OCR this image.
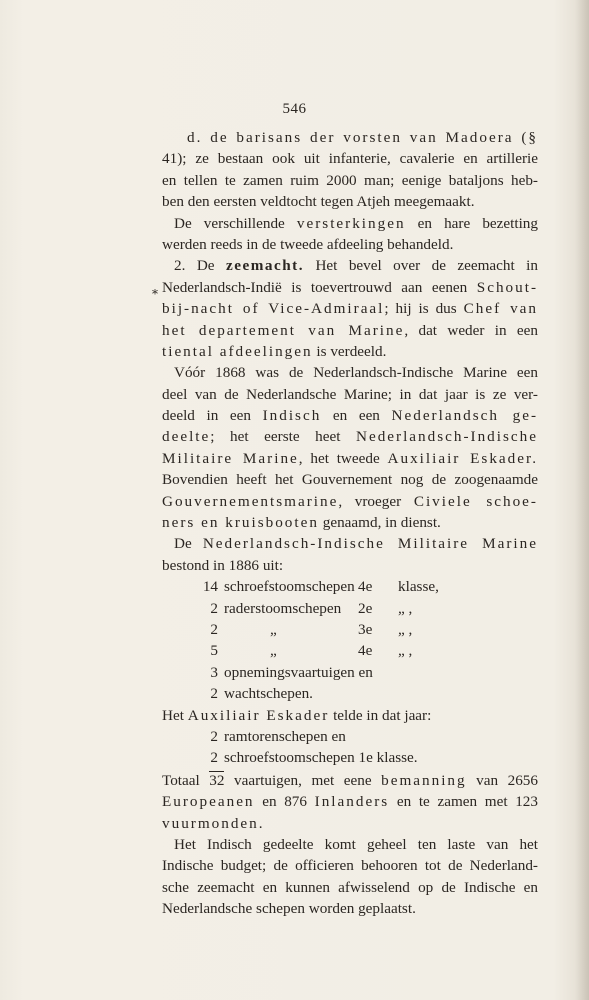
546
*
d. de barisans der vorsten van Madoera (§
41); ze bestaan ook uit infanterie, cavalerie en artillerie
en tellen te zamen ruim 2000 man; eenige bataljons heb-
ben den eersten veldtocht tegen Atjeh meegemaakt.
De verschillende versterkingen en hare bezetting
werden reeds in de tweede afdeeling behandeld.
2. De zeemacht. Het bevel over de zeemacht in
Nederlandsch-Indië is toevertrouwd aan eenen Schout-
bij-nacht of Vice-Admiraal; hij is dus Chef van
het departement van Marine, dat weder in een
tiental afdeelingen is verdeeld.
Vóór 1868 was de Nederlandsch-Indische Marine een
deel van de Nederlandsche Marine; in dat jaar is ze ver-
deeld in een Indisch en een Nederlandsch ge-
deelte; het eerste heet Nederlandsch-Indische
Militaire Marine, het tweede Auxiliair Eskader.
Bovendien heeft het Gouvernement nog de zoogenaamde
Gouvernementsmarine, vroeger Civiele schoe-
ners en kruisbooten genaamd, in dienst.
De Nederlandsch-Indische Militaire Marine
bestond in 1886 uit:
14 schroefstoomschepen 4e	klasse,
2 raderstoomschepen	2e	„ ,
2	„	3e	„ ,
5	„	4e	„ ,
3 opnemingsvaartuigen en
2 wachtschepen.
Het Auxiliair Eskader telde in dat jaar:
2 ramtorenschepen en
2 schroefstoomschepen 1e klasse.
Totaal 32 vaartuigen, met eene bemanning van 2656
Europeanen en 876 Inlanders en te zamen met 123
vuurmonden.
Het Indisch gedeelte komt geheel ten laste van het
Indische budget; de officieren behooren tot de Nederland-
sche zeemacht en kunnen afwisselend op de Indische en
Nederlandsche schepen worden geplaatst.
